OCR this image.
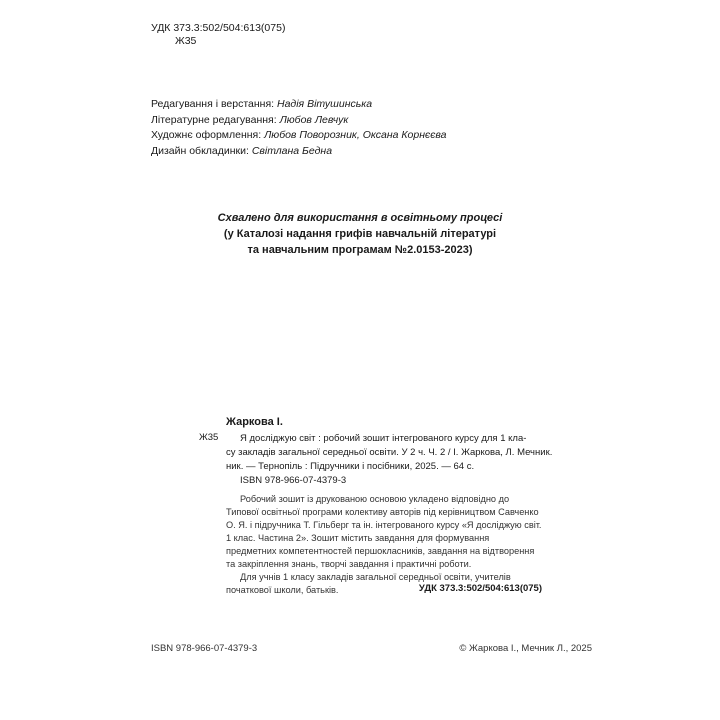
УДК 373.3:502/504:613(075)
Ж35
Редагування і верстання: Надія Вітушинська
Літературне редагування: Любов Левчук
Художнє оформлення: Любов Поворозник, Оксана Корнєєва
Дизайн обкладинки: Світлана Бедна
Схвалено для використання в освітньому процесі
(у Каталозі надання грифів навчальній літературі
та навчальним програмам №2.0153-2023)
Жаркова І.
Ж35	Я досліджую світ : робочий зошит інтегрованого курсу для 1 кла-
су закладів загальної середньої освіти. У 2 ч. Ч. 2 / І. Жаркова, Л. Мечник.
ник. — Тернопіль : Підручники і посібники, 2025. — 64 с.
ISBN 978-966-07-4379-3

Робочий зошит із друкованою основою укладено відповідно до Типової освітньої програми колективу авторів під керівництвом Савченко О. Я. і підручника Т. Гільберг та ін. інтегрованого курсу «Я досліджую світ. 1 клас. Частина 2». Зошит містить завдання для формування предметних компетентностей першокласників, завдання на відтворення та закріплення знань, творчі завдання і практичні роботи.

Для учнів 1 класу закладів загальної середньої освіти, учителів початкової школи, батьків.	УДК 373.3:502/504:613(075)
ISBN 978-966-07-4379-3	© Жаркова І., Мечник Л., 2025
